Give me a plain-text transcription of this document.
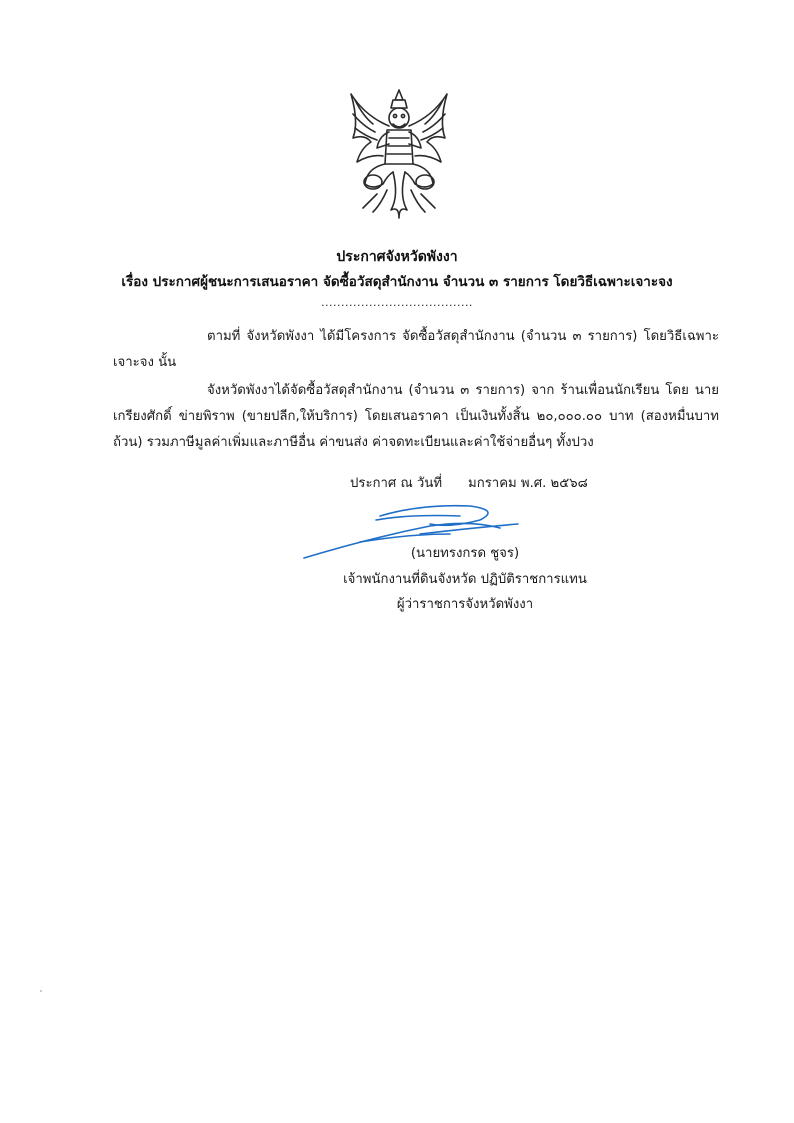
ประกาศจังหวัดพังงา
เรื่อง ประกาศผู้ชนะการเสนอราคา จัดซื้อวัสดุสำนักงาน จำนวน ๓ รายการ โดยวิธีเฉพาะเจาะจง
......................................
ตามที่ จังหวัดพังงา ได้มีโครงการ จัดซื้อวัสดุสำนักงาน (จำนวน ๓ รายการ) โดยวิธีเฉพาะเจาะจง นั้น
จังหวัดพังงาได้จัดซื้อวัสดุสำนักงาน (จำนวน ๓ รายการ) จาก ร้านเพื่อนนักเรียน โดย นายเกรียงศักดิ์ ข่ายพิราพ (ขายปลีก,ให้บริการ) โดยเสนอราคา เป็นเงินทั้งสิ้น ๒๐,๐๐๐.๐๐ บาท (สองหมื่นบาทถ้วน) รวมภาษีมูลค่าเพิ่มและภาษีอื่น ค่าขนส่ง ค่าจดทะเบียนและค่าใช้จ่ายอื่นๆ ทั้งปวง
ประกาศ ณ วันที่ มกราคม พ.ศ. ๒๕๖๘
(นายทรงกรด ชูจร)
เจ้าพนักงานที่ดินจังหวัด ปฏิบัติราชการแทน
ผู้ว่าราชการจังหวัดพังงา
